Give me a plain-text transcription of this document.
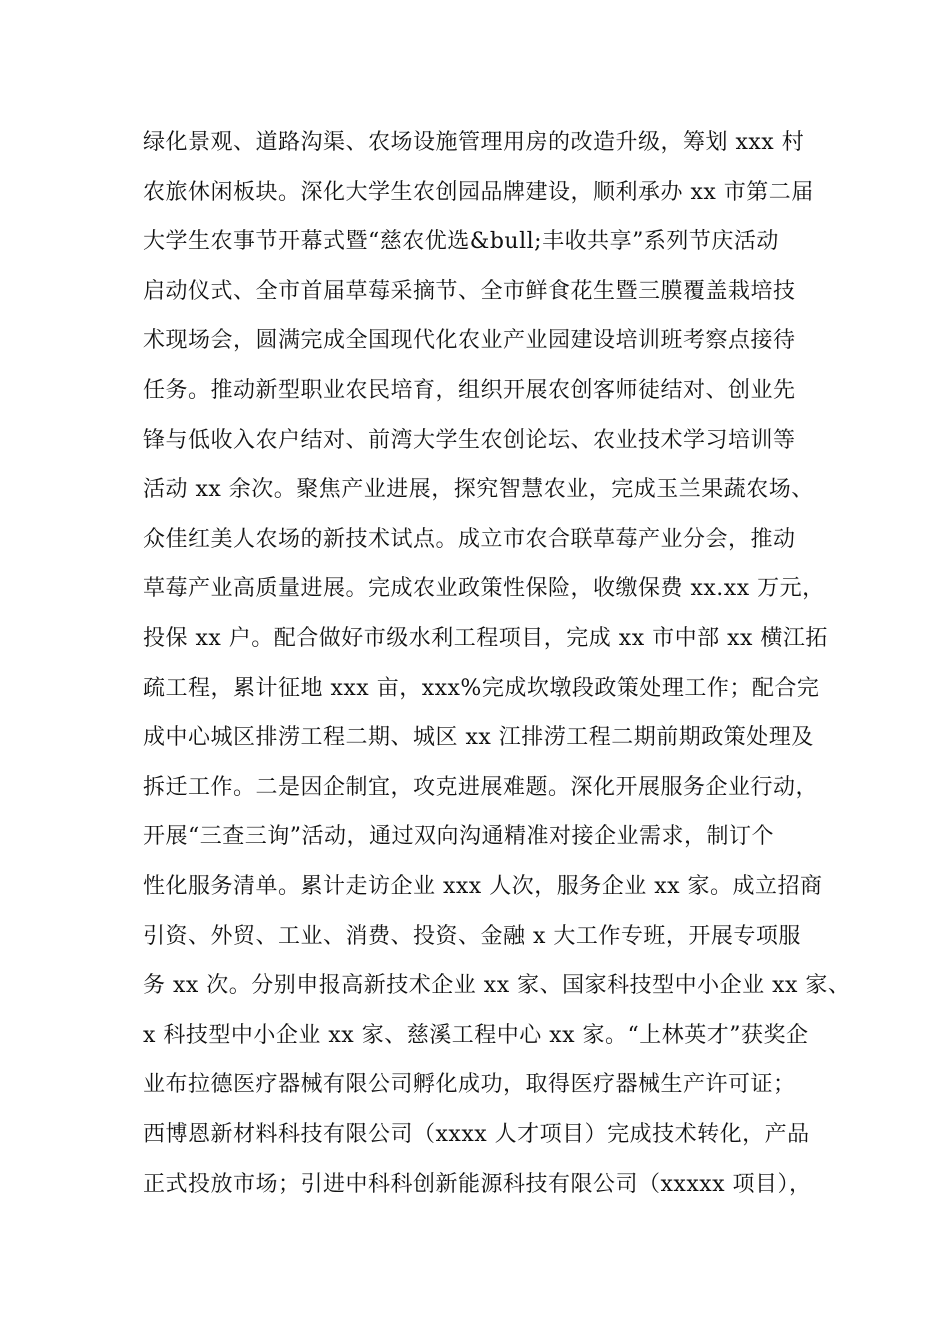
绿化景观、道路沟渠、农场设施管理用房的改造升级，筹划 xxx 村
农旅休闲板块。深化大学生农创园品牌建设，顺利承办 xx 市第二届
大学生农事节开幕式暨“慈农优选&bull;丰收共享”系列节庆活动
启动仪式、全市首届草莓采摘节、全市鲜食花生暨三膜覆盖栽培技
术现场会，圆满完成全国现代化农业产业园建设培训班考察点接待
任务。推动新型职业农民培育，组织开展农创客师徒结对、创业先
锋与低收入农户结对、前湾大学生农创论坛、农业技术学习培训等
活动 xx 余次。聚焦产业进展，探究智慧农业，完成玉兰果蔬农场、
众佳红美人农场的新技术试点。成立市农合联草莓产业分会，推动
草莓产业高质量进展。完成农业政策性保险，收缴保费 xx.xx 万元，
投保 xx 户。配合做好市级水利工程项目，完成 xx 市中部 xx 横江拓
疏工程，累计征地 xxx 亩，xxx%完成坎墩段政策处理工作；配合完
成中心城区排涝工程二期、城区 xx 江排涝工程二期前期政策处理及
拆迁工作。二是因企制宜，攻克进展难题。深化开展服务企业行动，
开展“三查三询”活动，通过双向沟通精准对接企业需求，制订个
性化服务清单。累计走访企业 xxx 人次，服务企业 xx 家。成立招商
引资、外贸、工业、消费、投资、金融 x 大工作专班，开展专项服
务 xx 次。分别申报高新技术企业 xx 家、国家科技型中小企业 xx 家、
x 科技型中小企业 xx 家、慈溪工程中心 xx 家。“上林英才”获奖企
业布拉德医疗器械有限公司孵化成功，取得医疗器械生产许可证；
西博恩新材料科技有限公司（xxxx 人才项目）完成技术转化，产品
正式投放市场；引进中科科创新能源科技有限公司（xxxxx 项目），
